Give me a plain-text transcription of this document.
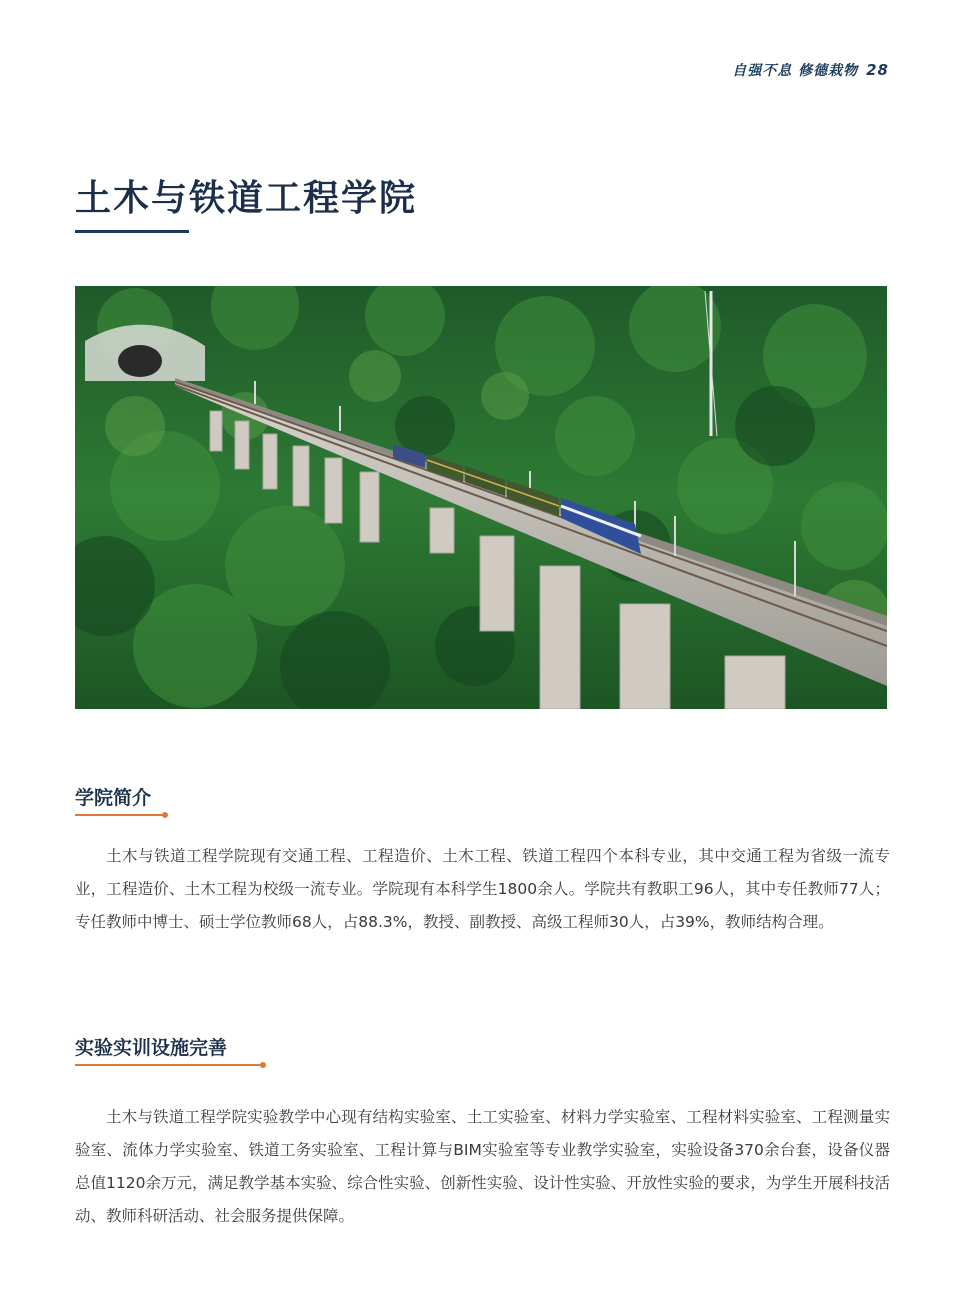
自强不息 修德栽物 28
土木与铁道工程学院
学院简介

土木与铁道工程学院现有交通工程、工程造价、土木工程、铁道工程四个本科专业，其中交通工程为省级一流专业，工程造价、土木工程为校级一流专业。学院现有本科学生1800余人。学院共有教职工96人，其中专任教师77人；专任教师中博士、硕士学位教师68人，占88.3%，教授、副教授、高级工程师30人，占39%，教师结构合理。

实验实训设施完善

土木与铁道工程学院实验教学中心现有结构实验室、土工实验室、材料力学实验室、工程材料实验室、工程测量实验室、流体力学实验室、铁道工务实验室、工程计算与BIM实验室等专业教学实验室，实验设备370余台套，设备仪器总值1120余万元，满足教学基本实验、综合性实验、创新性实验、设计性实验、开放性实验的要求，为学生开展科技活动、教师科研活动、社会服务提供保障。
